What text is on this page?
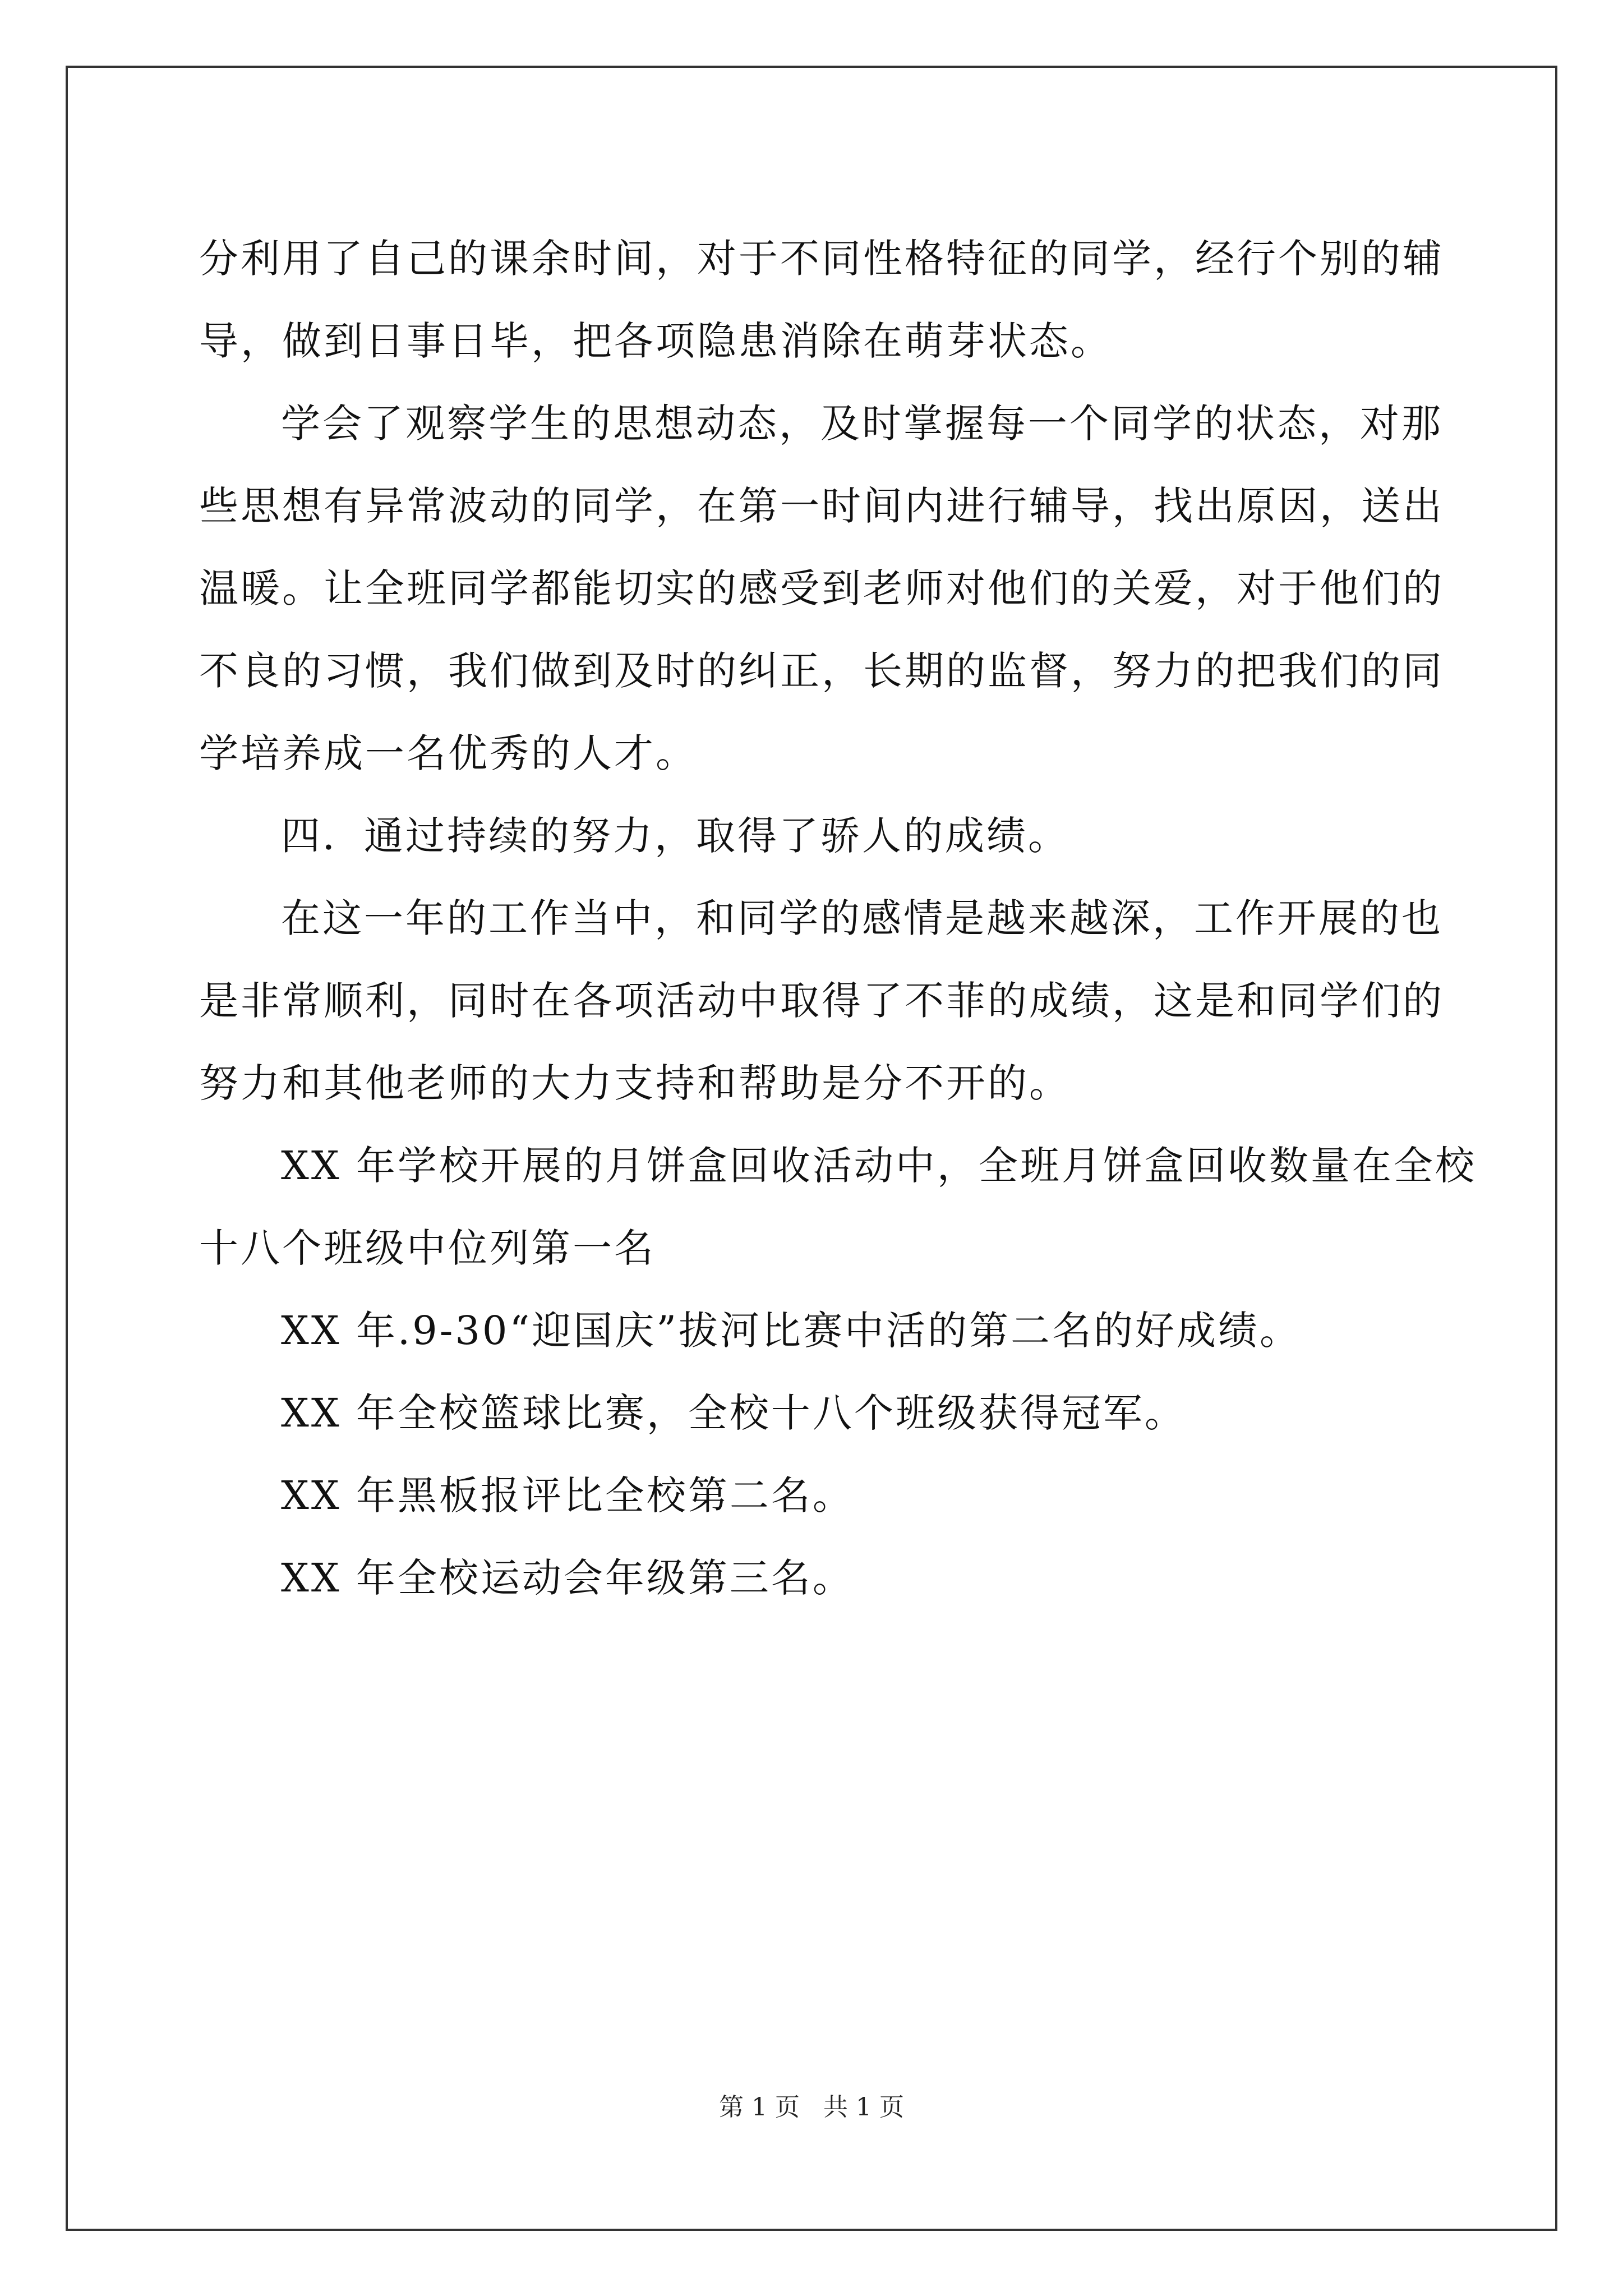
分利用了自己的课余时间，对于不同性格特征的同学，经行个别的辅
导，做到日事日毕，把各项隐患消除在萌芽状态。
学会了观察学生的思想动态，及时掌握每一个同学的状态，对那
些思想有异常波动的同学，在第一时间内进行辅导，找出原因，送出
温暖。让全班同学都能切实的感受到老师对他们的关爱，对于他们的
不良的习惯，我们做到及时的纠正，长期的监督，努力的把我们的同
学培养成一名优秀的人才。
四．通过持续的努力，取得了骄人的成绩。
在这一年的工作当中，和同学的感情是越来越深，工作开展的也
是非常顺利，同时在各项活动中取得了不菲的成绩，这是和同学们的
努力和其他老师的大力支持和帮助是分不开的。
XX 年学校开展的月饼盒回收活动中，全班月饼盒回收数量在全校
十八个班级中位列第一名
XX 年.9-30“迎国庆”拔河比赛中活的第二名的好成绩。
XX 年全校篮球比赛，全校十八个班级获得冠军。
XX 年黑板报评比全校第二名。
XX 年全校运动会年级第三名。
第 1 页 共 1 页
